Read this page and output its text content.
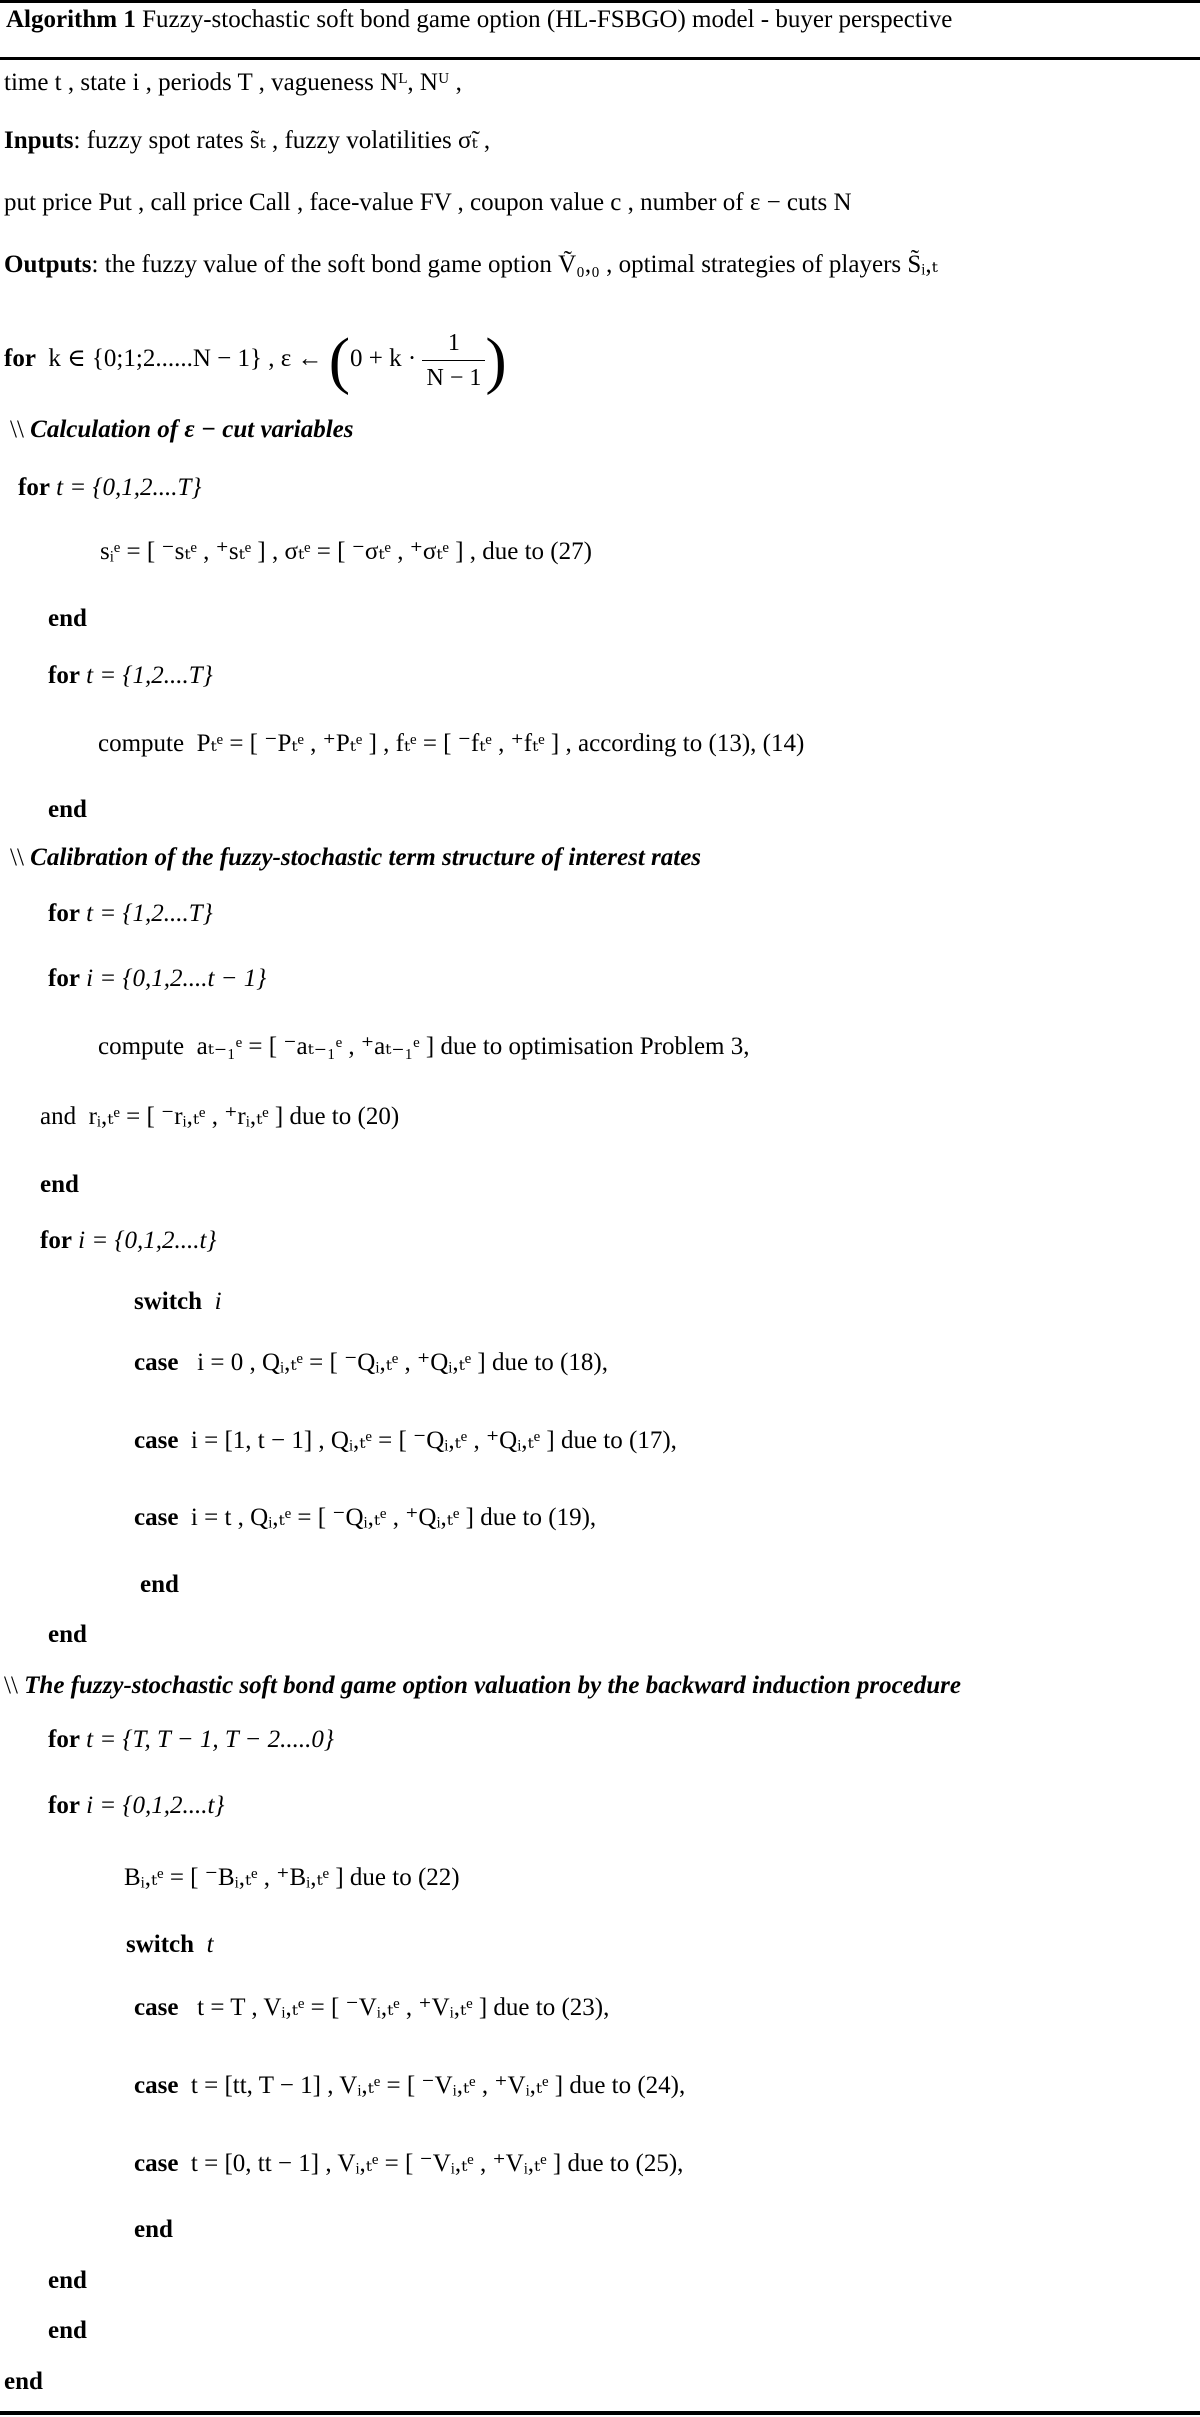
Algorithm 1 Fuzzy-stochastic soft bond game option (HL-FSBGO) model - buyer perspective
time t , state i , periods T , vagueness Nᴸ, Nᵁ ,
Inputs: fuzzy spot rates s̃ₜ , fuzzy volatilities σ̃ₜ ,
put price Put , call price Call , face-value FV , coupon value c , number of ε − cuts N
Outputs: the fuzzy value of the soft bond game option Ṽ₀,₀ , optimal strategies of players S̃ᵢ,ₜ
for k ∈ {0;1;2......N − 1} , ε ← ($0 + k \cdot \frac{1}{N - 1}$ )
\\ Calculation of ε − cut variables
for t = {0,1,2....T}
sᵢᵉ = [ ⁻sₜᵉ , ⁺sₜᵉ ] , σₜᵉ = [ ⁻σₜᵉ , ⁺σₜᵉ ] , due to (27)
end
for t = {1,2....T}
compute Pₜᵉ = [ ⁻Pₜᵉ , ⁺Pₜᵉ ] , fₜᵉ = [ ⁻fₜᵉ , ⁺fₜᵉ ] , according to (13), (14)
end
\\ Calibration of the fuzzy-stochastic term structure of interest rates
for t = {1,2....T}
for i = {0,1,2....t − 1}
compute aₜ₋₁ᵉ = [ ⁻aₜ₋₁ᵉ , ⁺aₜ₋₁ᵉ ] due to optimisation Problem 3,
and rᵢ,ₜᵉ = [ ⁻rᵢ,ₜᵉ , ⁺rᵢ,ₜᵉ ] due to (20)
end
for i = {0,1,2....t}
switch i
case i = 0 , Qᵢ,ₜᵉ = [ ⁻Qᵢ,ₜᵉ , ⁺Qᵢ,ₜᵉ ] due to (18),
case i = [1, t − 1] , Qᵢ,ₜᵉ = [ ⁻Qᵢ,ₜᵉ , ⁺Qᵢ,ₜᵉ ] due to (17),
case i = t , Qᵢ,ₜᵉ = [ ⁻Qᵢ,ₜᵉ , ⁺Qᵢ,ₜᵉ ] due to (19),
end
end
\\ The fuzzy-stochastic soft bond game option valuation by the backward induction procedure
for t = {T, T − 1, T − 2.....0}
for i = {0,1,2....t}
Bᵢ,ₜᵉ = [ ⁻Bᵢ,ₜᵉ , ⁺Bᵢ,ₜᵉ ] due to (22)
switch t
case t = T , Vᵢ,ₜᵉ = [ ⁻Vᵢ,ₜᵉ , ⁺Vᵢ,ₜᵉ ] due to (23),
case t = [tt, T − 1] , Vᵢ,ₜᵉ = [ ⁻Vᵢ,ₜᵉ , ⁺Vᵢ,ₜᵉ ] due to (24),
case t = [0, tt − 1] , Vᵢ,ₜᵉ = [ ⁻Vᵢ,ₜᵉ , ⁺Vᵢ,ₜᵉ ] due to (25),
end
end
end
end
